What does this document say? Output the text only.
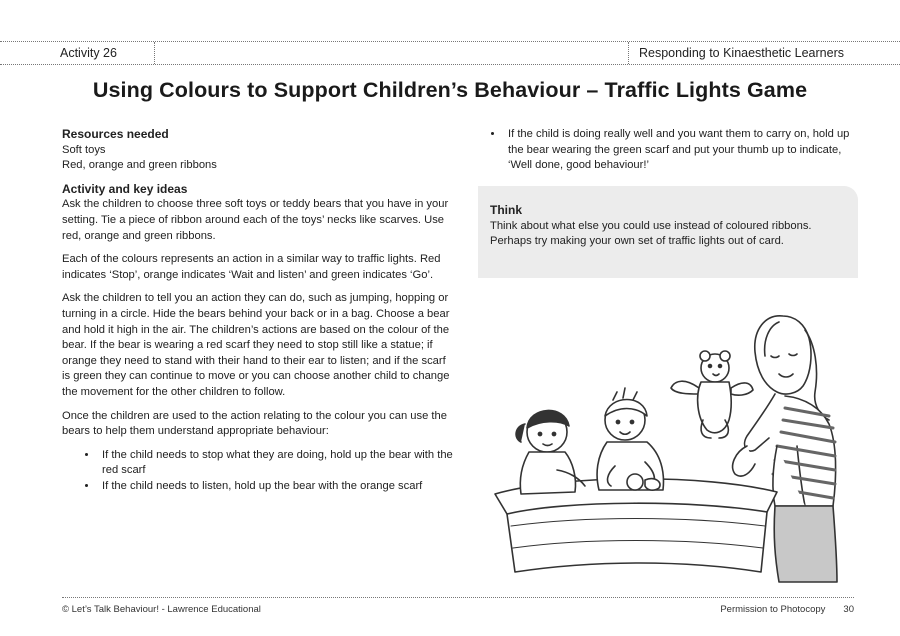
Activity 26	Responding to Kinaesthetic Learners
Using Colours to Support Children’s Behaviour – Traffic Lights Game
Resources needed
Soft toys
Red, orange and green ribbons
Activity and key ideas

Ask the children to choose three soft toys or teddy bears that you have in your setting. Tie a piece of ribbon around each of the toys’ necks like scarves. Use red, orange and green ribbons.

Each of the colours represents an action in a similar way to traffic lights. Red indicates ‘Stop’, orange indicates ‘Wait and listen’ and green indicates ‘Go’.

Ask the children to tell you an action they can do, such as jumping, hopping or turning in a circle. Hide the bears behind your back or in a bag. Choose a bear and hold it high in the air. The children’s actions are based on the colour of the bear. If the bear is wearing a red scarf they need to stop still like a statue; if orange they need to stand with their hand to their ear to listen; and if the scarf is green they can continue to move or you can choose another child to change the movement for the other children to follow.

Once the children are used to the action relating to the colour you can use the bears to help them understand appropriate behaviour:

• If the child needs to stop what they are doing, hold up the bear with the red scarf
• If the child needs to listen, hold up the bear with the orange scarf
• If the child is doing really well and you want them to carry on, hold up the bear wearing the green scarf and put your thumb up to indicate, ‘Well done, good behaviour!’
Think
Think about what else you could use instead of coloured ribbons. Perhaps try making your own set of traffic lights out of card.
© Let’s Talk Behaviour! - Lawrence Educational	Permission to Photocopy 30
